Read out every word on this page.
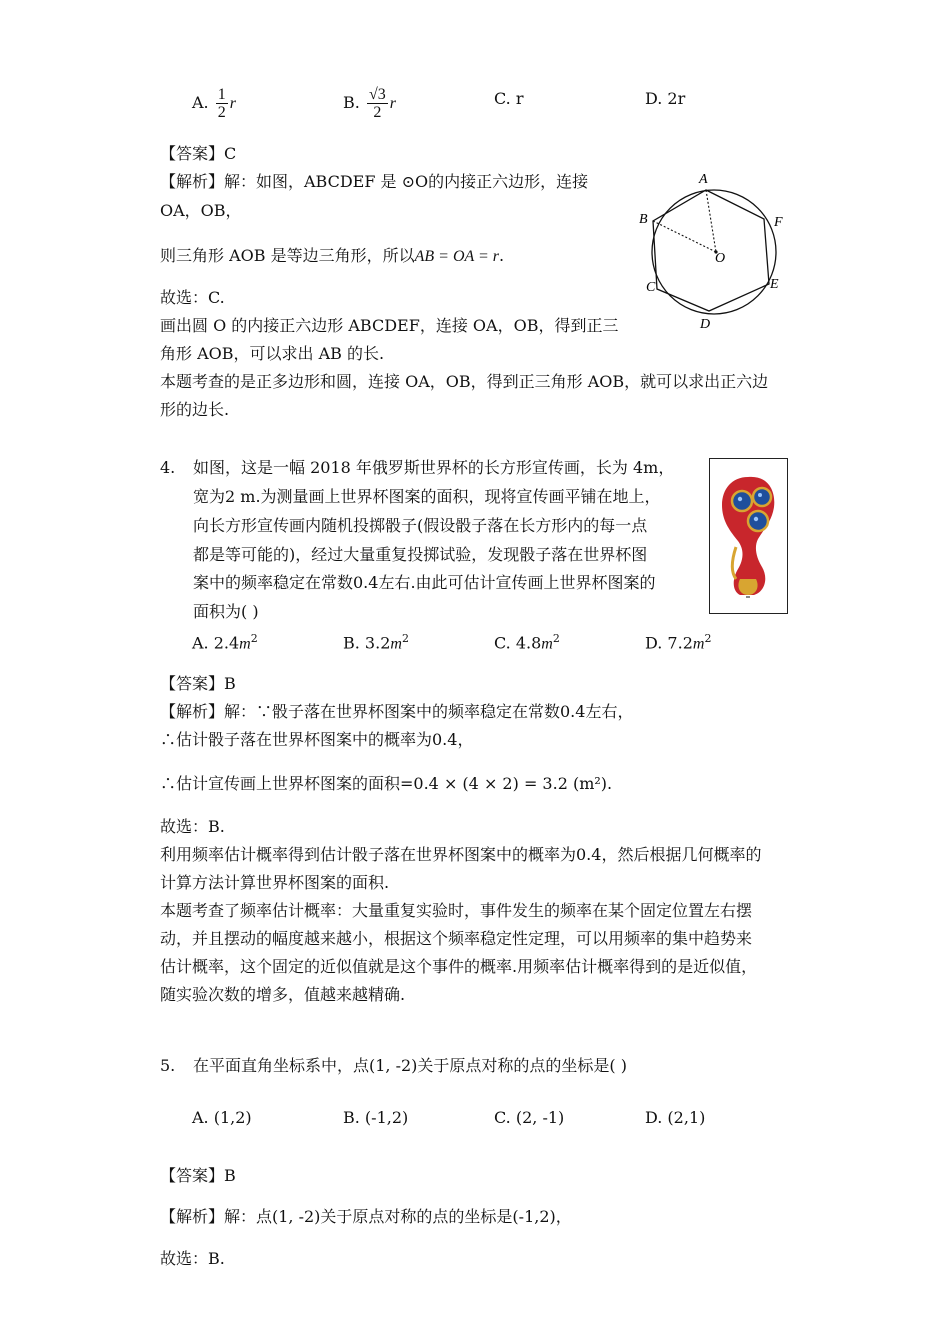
A. $\frac{1}{2}$ r	B. $\frac{√3}{2}$ r	C. r	D. 2r
【答案】C
【解析】解：如图，ABCDEF 是 ⊙O的内接正六边形，连接
OA，OB，
则三角形 AOB 是等边三角形，所以AB = OA = r.
故选：C.
画出圆 O 的内接正六边形 ABCDEF，连接 OA，OB，得到正三
角形 AOB，可以求出 AB 的长.
本题考查的是正多边形和圆，连接 OA，OB，得到正三角形 AOB，就可以求出正六边
形的边长.
A
B
C
D
E
F
O
4. 如图，这是一幅 2018 年俄罗斯世界杯的长方形宣传画，长为 4m，
宽为2 m.为测量画上世界杯图案的面积，现将宣传画平铺在地上，
向长方形宣传画内随机投掷骰子(假设骰子落在长方形内的每一点
都是等可能的)，经过大量重复投掷试验，发现骰子落在世界杯图
案中的频率稳定在常数0.4左右.由此可估计宣传画上世界杯图案的
面积为( )
A. $2.4m^2$	B. $3.2m^2$	C. $4.8m^2$	D. $7.2m^2$
【答案】B
【解析】解：∵骰子落在世界杯图案中的频率稳定在常数0.4左右，
∴估计骰子落在世界杯图案中的概率为0.4，
∴估计宣传画上世界杯图案的面积=0.4 × (4 × 2) = 3.2 (m²).
故选：B.
利用频率估计概率得到估计骰子落在世界杯图案中的概率为0.4，然后根据几何概率的
计算方法计算世界杯图案的面积.
本题考查了频率估计概率：大量重复实验时，事件发生的频率在某个固定位置左右摆
动，并且摆动的幅度越来越小，根据这个频率稳定性定理，可以用频率的集中趋势来
估计概率，这个固定的近似值就是这个事件的概率.用频率估计概率得到的是近似值，
随实验次数的增多，值越来越精确.
5. 在平面直角坐标系中，点(1, -2)关于原点对称的点的坐标是( )
A. (1,2)	B. (-1,2)	C. (2, -1)	D. (2,1)
【答案】B
【解析】解：点(1, -2)关于原点对称的点的坐标是(-1,2)，
故选：B.
